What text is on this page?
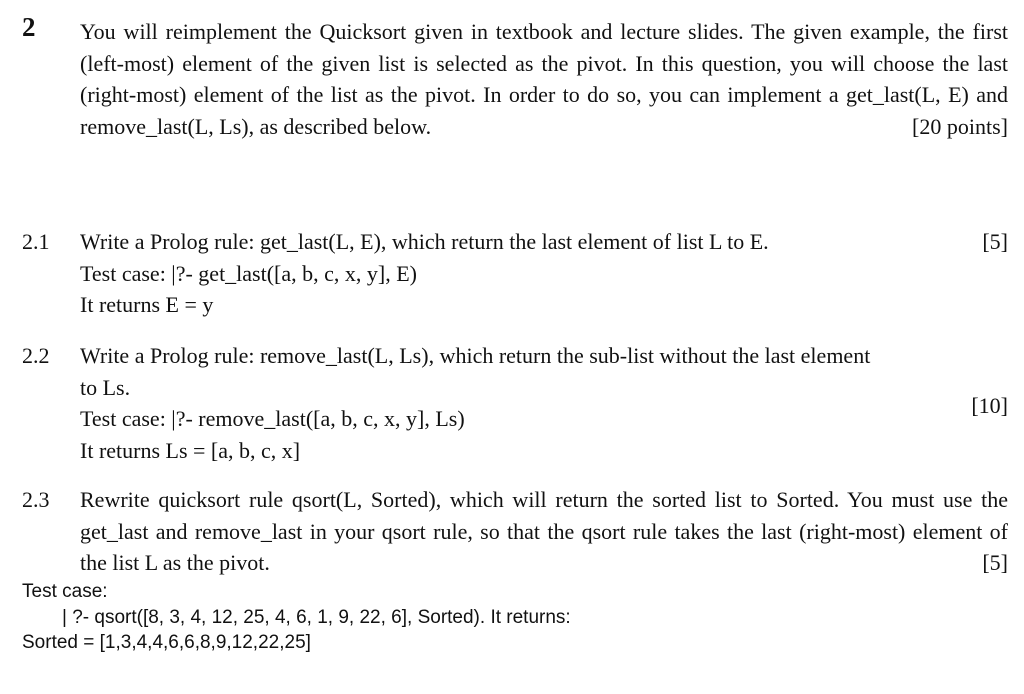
2 You will reimplement the Quicksort given in textbook and lecture slides. The given example, the first (left-most) element of the given list is selected as the pivot. In this question, you will choose the last (right-most) element of the list as the pivot. In order to do so, you can implement a get_last(L, E) and remove_last(L, Ls), as described below.	[20 points]
2.1 Write a Prolog rule: get_last(L, E), which return the last element of list L to E.	[5]
Test case: |?- get_last([a, b, c, x, y], E)
It returns E = y
2.2 Write a Prolog rule: remove_last(L, Ls), which return the sub-list without the last element
to Ls.
Test case: |?- remove_last([a, b, c, x, y], Ls)
[10]
It returns Ls = [a, b, c, x]
2.3 Rewrite quicksort rule qsort(L, Sorted), which will return the sorted list to Sorted. You must use the get_last and remove_last in your qsort rule, so that the qsort rule takes the last (right-most) element of the list L as the pivot.	[5]
Test case:
| ?- qsort([8, 3, 4, 12, 25, 4, 6, 1, 9, 22, 6], Sorted). It returns:
Sorted = [1,3,4,4,6,6,8,9,12,22,25]
